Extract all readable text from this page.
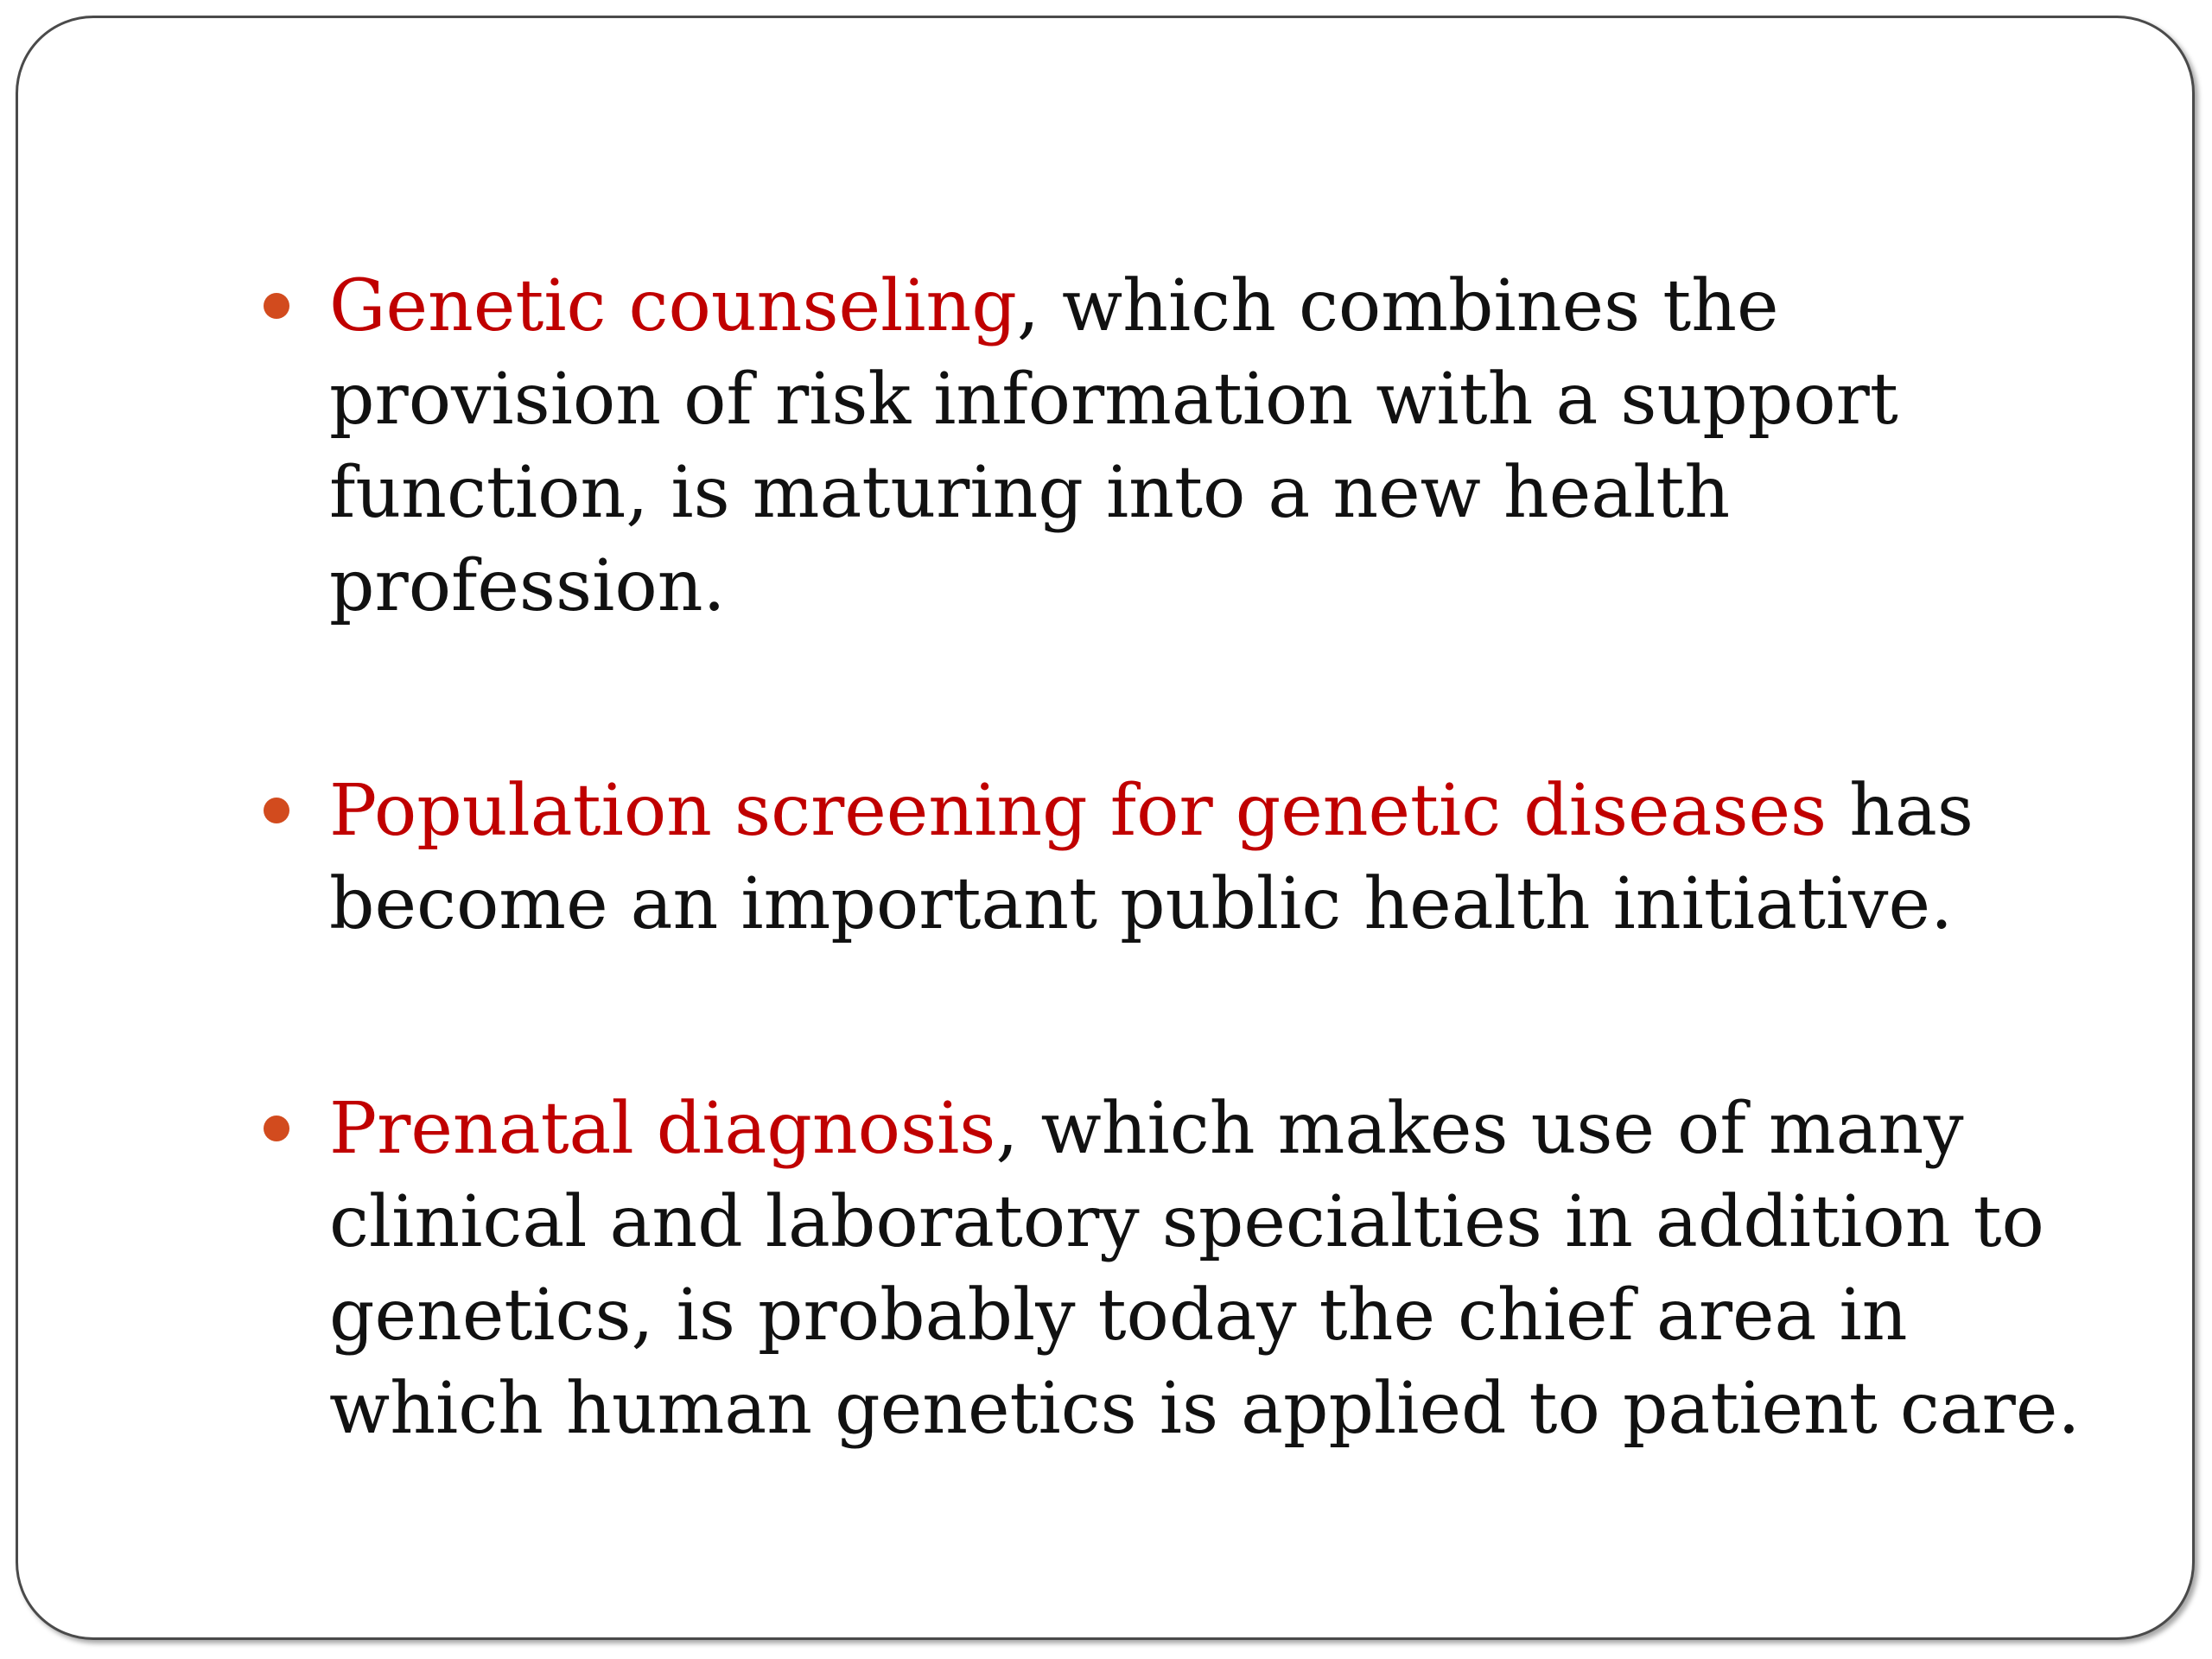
Genetic counseling, which combines the provision of risk information with a support function, is maturing into a new health profession.
Population screening for genetic diseases has become an important public health initiative.
Prenatal diagnosis, which makes use of many clinical and laboratory specialties in addition to genetics, is probably today the chief area in which human genetics is applied to patient care.
